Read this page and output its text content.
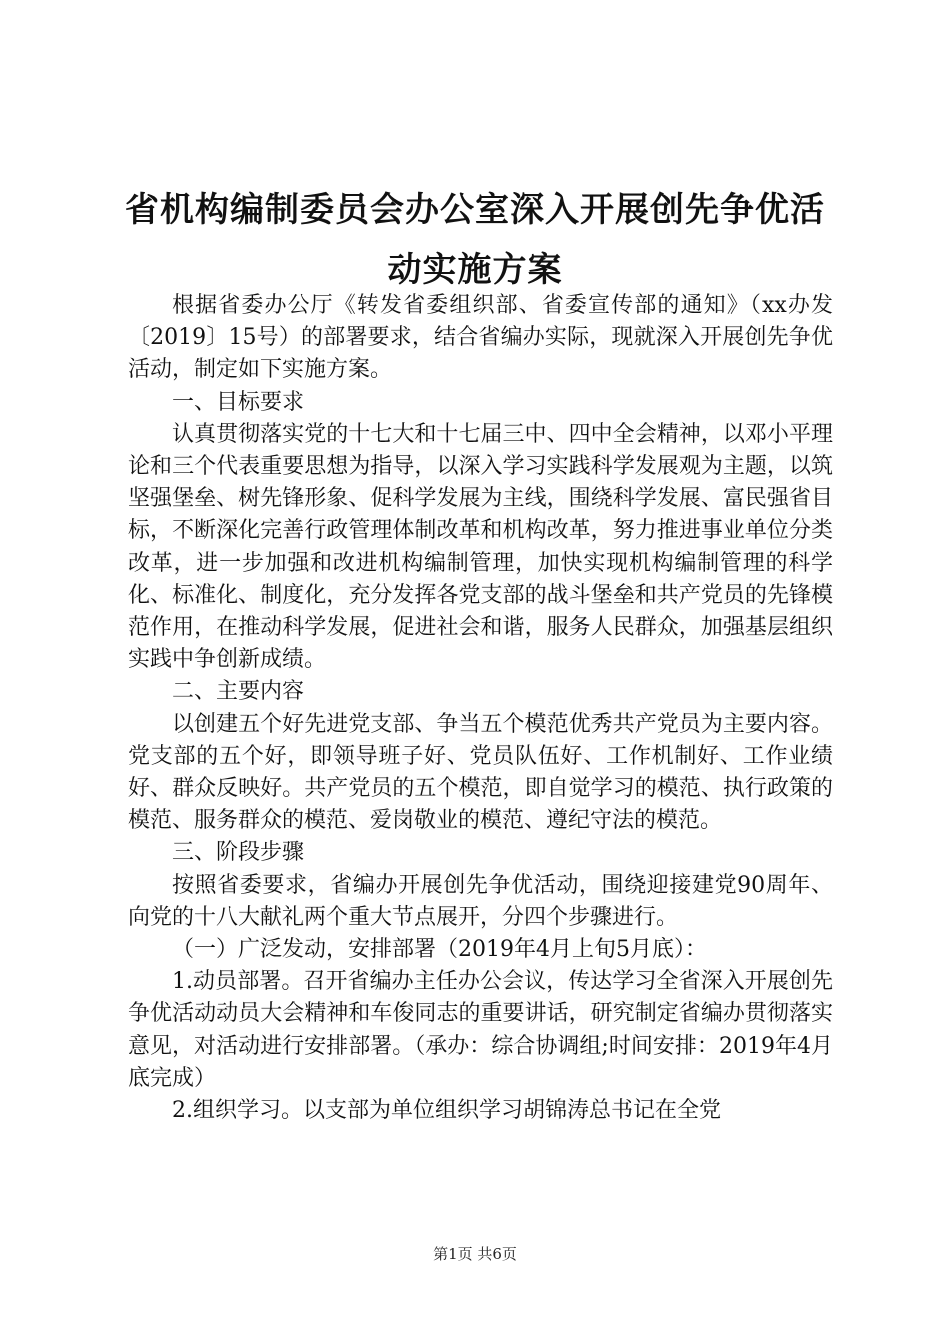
省机构编制委员会办公室深入开展创先争优活动实施方案

根据省委办公厅《转发省委组织部、省委宣传部的通知》（xx办发〔2019〕15号）的部署要求，结合省编办实际，现就深入开展创先争优活动，制定如下实施方案。

一、目标要求

认真贯彻落实党的十七大和十七届三中、四中全会精神，以邓小平理论和三个代表重要思想为指导，以深入学习实践科学发展观为主题，以筑坚强堡垒、树先锋形象、促科学发展为主线，围绕科学发展、富民强省目标，不断深化完善行政管理体制改革和机构改革，努力推进事业单位分类改革，进一步加强和改进机构编制管理，加快实现机构编制管理的科学化、标准化、制度化，充分发挥各党支部的战斗堡垒和共产党员的先锋模范作用，在推动科学发展，促进社会和谐，服务人民群众，加强基层组织实践中争创新成绩。

二、主要内容

以创建五个好先进党支部、争当五个模范优秀共产党员为主要内容。党支部的五个好，即领导班子好、党员队伍好、工作机制好、工作业绩好、群众反映好。共产党员的五个模范，即自觉学习的模范、执行政策的模范、服务群众的模范、爱岗敬业的模范、遵纪守法的模范。

三、阶段步骤

按照省委要求，省编办开展创先争优活动，围绕迎接建党90周年、向党的十八大献礼两个重大节点展开，分四个步骤进行。

（一）广泛发动，安排部署（2019年4月上旬5月底）：

1.动员部署。召开省编办主任办公会议，传达学习全省深入开展创先争优活动动员大会精神和车俊同志的重要讲话，研究制定省编办贯彻落实意见，对活动进行安排部署。（承办：综合协调组;时间安排：2019年4月底完成）

2.组织学习。以支部为单位组织学习胡锦涛总书记在全党

第1页 共6页
